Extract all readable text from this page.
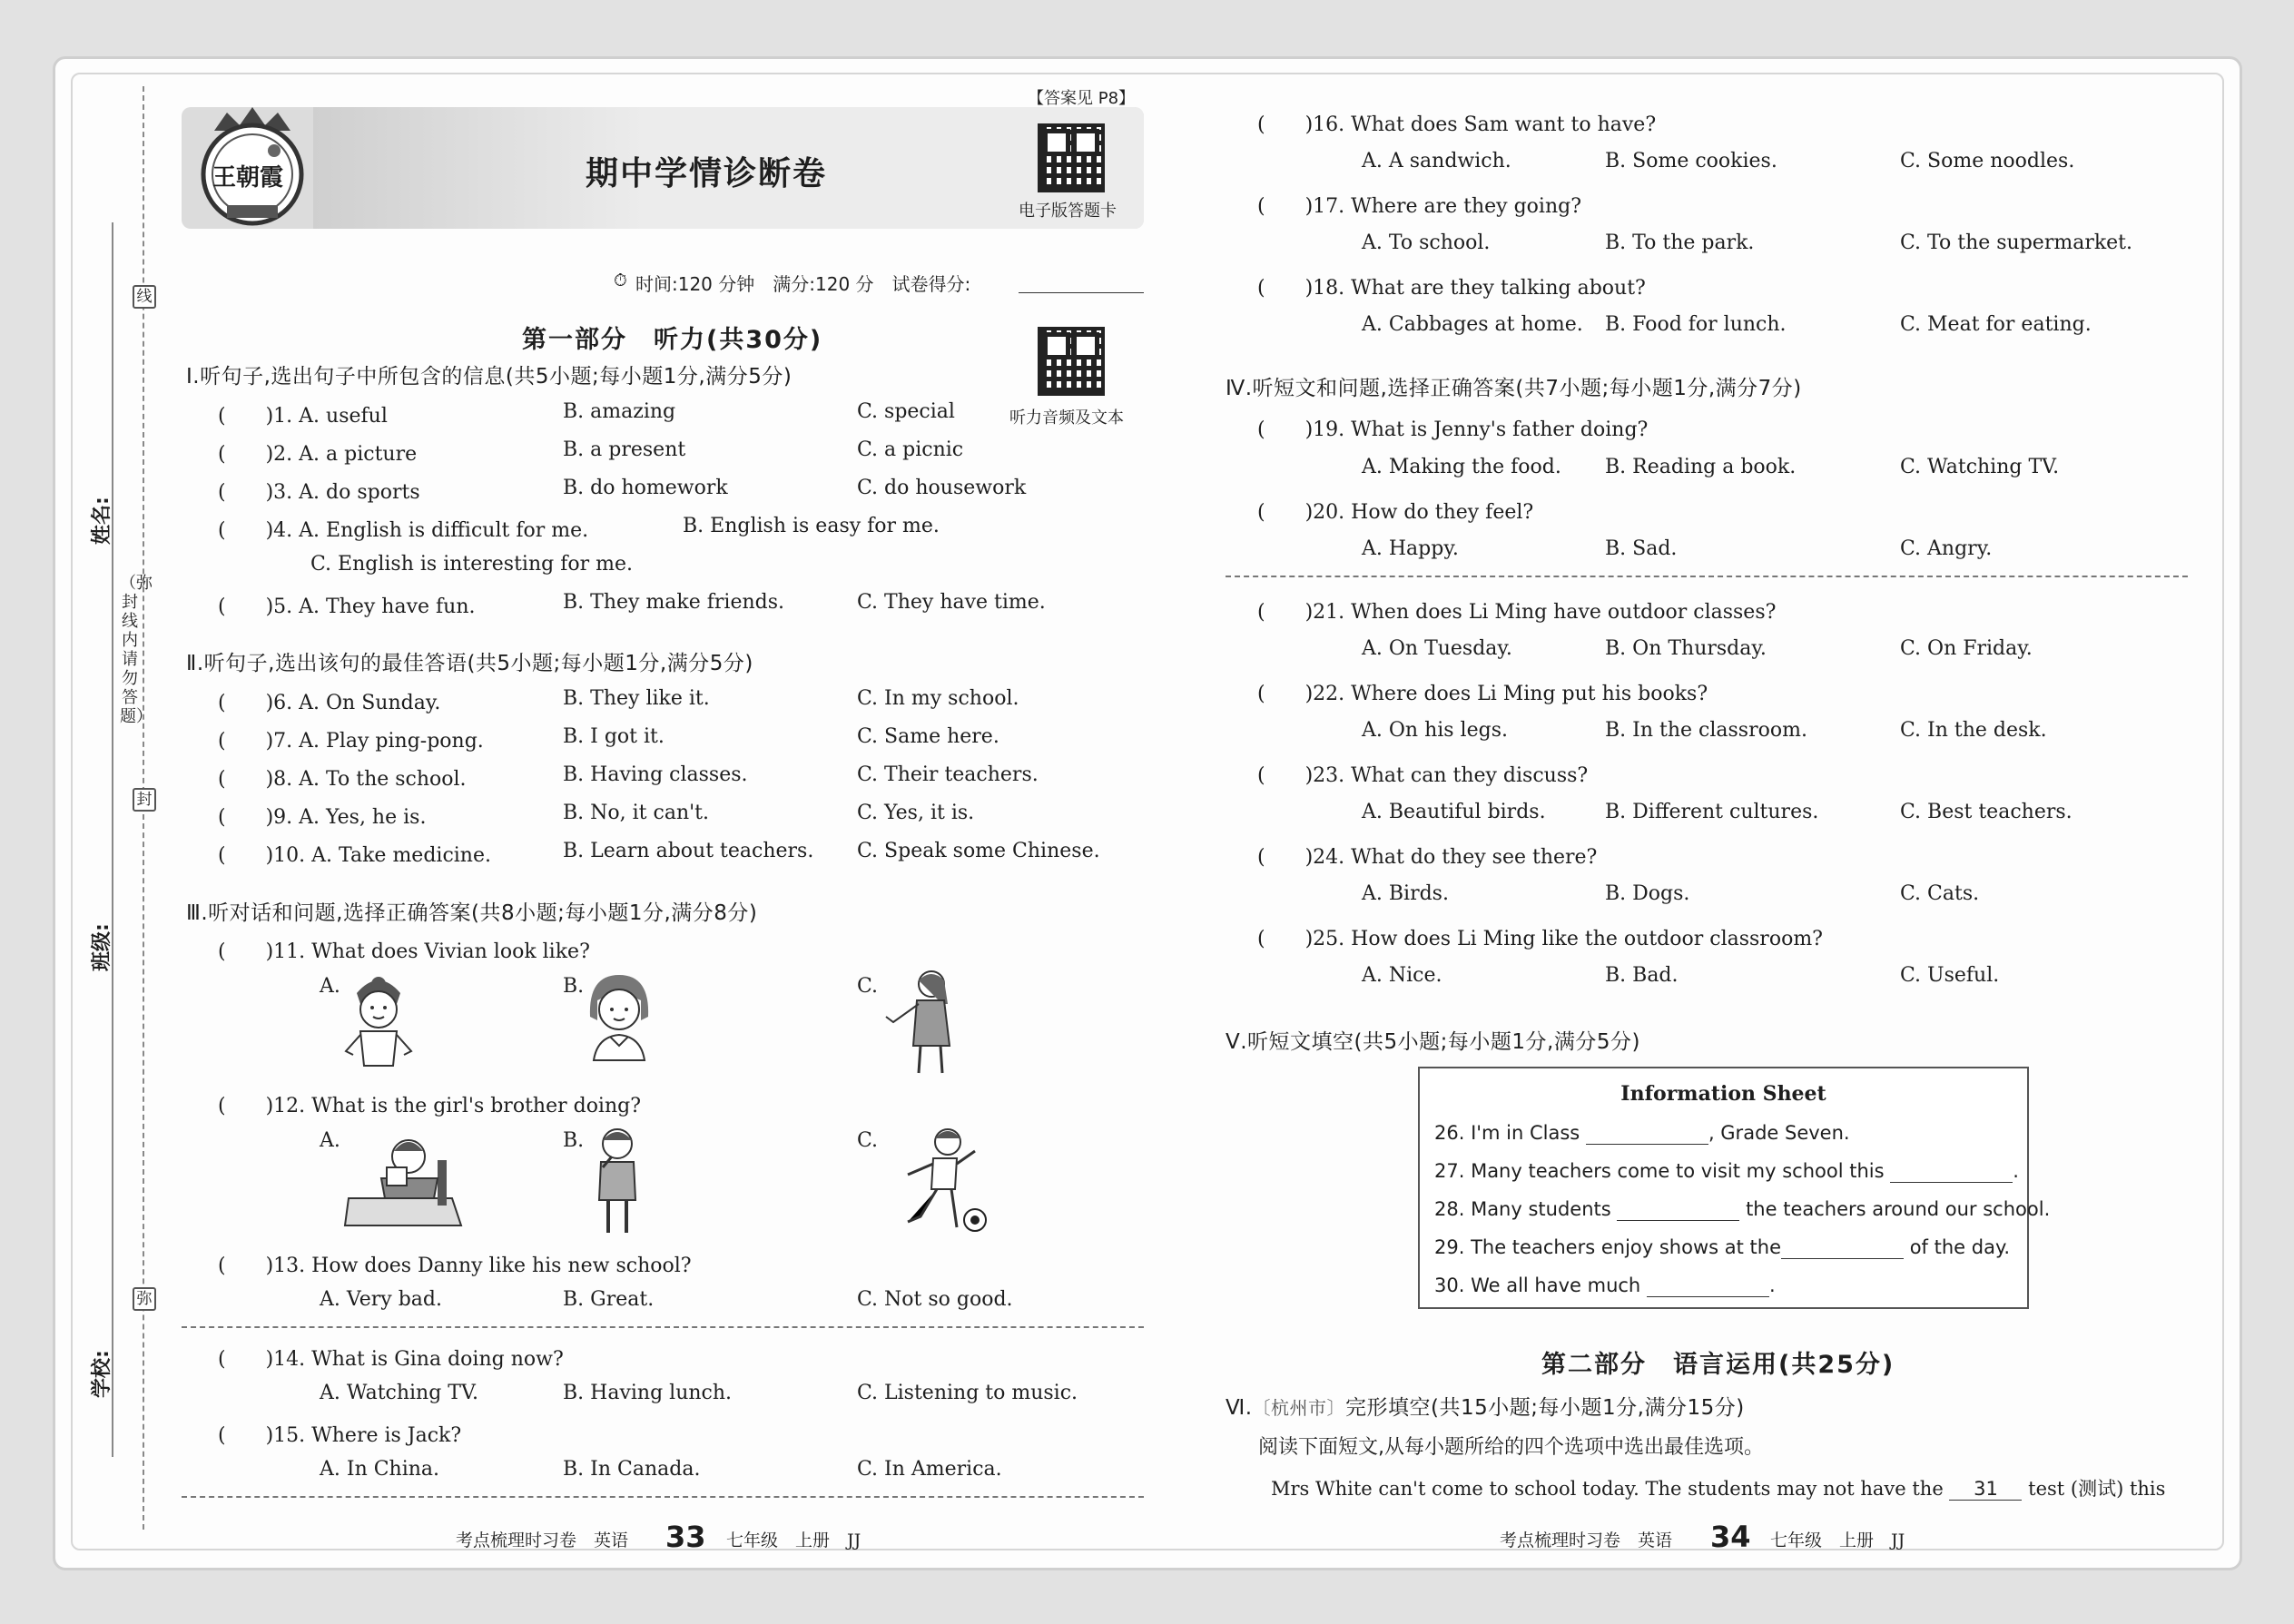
线
封
弥
（弥封线内请勿答题）
学校:
班级:
姓名:
王朝霞	期中学情诊断卷
【答案见 P8】
电子版答题卡
⏱ 时间:120 分钟　满分:120 分　试卷得分:
第一部分　听力(共30分)
听力音频及文本
Ⅰ.听句子,选出句子中所包含的信息(共5小题;每小题1分,满分5分)
(　　)1. A. useful	B. amazing	C. special
(　　)2. A. a picture	B. a present	C. a picnic
(　　)3. A. do sports	B. do homework	C. do housework
(　　)4. A. English is difficult for me.	B. English is easy for me.
C. English is interesting for me.
(　　)5. A. They have fun.	B. They make friends.	C. They have time.
Ⅱ.听句子,选出该句的最佳答语(共5小题;每小题1分,满分5分)
(　　)6. A. On Sunday.	B. They like it.	C. In my school.
(　　)7. A. Play ping-pong.	B. I got it.	C. Same here.
(　　)8. A. To the school.	B. Having classes.	C. Their teachers.
(　　)9. A. Yes, he is.	B. No, it can't.	C. Yes, it is.
(　　)10. A. Take medicine.	B. Learn about teachers. C. Speak some Chinese.
Ⅲ.听对话和问题,选择正确答案(共8小题;每小题1分,满分8分)
(　　)11. What does Vivian look like?
A.	B.	C.
(　　)12. What is the girl's brother doing?
A.	B.	C.
(　　)13. How does Danny like his new school?
A. Very bad.	B. Great.	C. Not so good.
(　　)14. What is Gina doing now?
A. Watching TV.	B. Having lunch.	C. Listening to music.
(　　)15. Where is Jack?
A. In China.	B. In Canada.	C. In America.
考点梳理时习卷　英语 33 七年级　上册　JJ
(　　)16. What does Sam want to have?
A. A sandwich.	B. Some cookies.	C. Some noodles.
(　　)17. Where are they going?
A. To school.	B. To the park.	C. To the supermarket.
(　　)18. What are they talking about?
A. Cabbages at home. B. Food for lunch.	C. Meat for eating.
Ⅳ.听短文和问题,选择正确答案(共7小题;每小题1分,满分7分)
(　　)19. What is Jenny's father doing?
A. Making the food. B. Reading a book.	C. Watching TV.
(　　)20. How do they feel?
A. Happy.	B. Sad.	C. Angry.
(　　)21. When does Li Ming have outdoor classes?
A. On Tuesday.	B. On Thursday.	C. On Friday.
(　　)22. Where does Li Ming put his books?
A. On his legs.	B. In the classroom.	C. In the desk.
(　　)23. What can they discuss?
A. Beautiful birds.	B. Different cultures.	C. Best teachers.
(　　)24. What do they see there?
A. Birds.	B. Dogs.	C. Cats.
(　　)25. How does Li Ming like the outdoor classroom?
A. Nice.	B. Bad.	C. Useful.
Ⅴ.听短文填空(共5小题;每小题1分,满分5分)
Information Sheet
26. I'm in Class	, Grade Seven.
27. Many teachers come to visit my school this	.
28. Many students	the teachers around our school.
29. The teachers enjoy shows at the	of the day.
30. We all have much	.
第二部分　语言运用(共25分)
Ⅵ.〔杭州市〕完形填空(共15小题;每小题1分,满分15分)
阅读下面短文,从每小题所给的四个选项中选出最佳选项。
Mrs White can't come to school today. The students may not have the 31 test (测试) this
考点梳理时习卷　英语 34 七年级　上册　JJ
